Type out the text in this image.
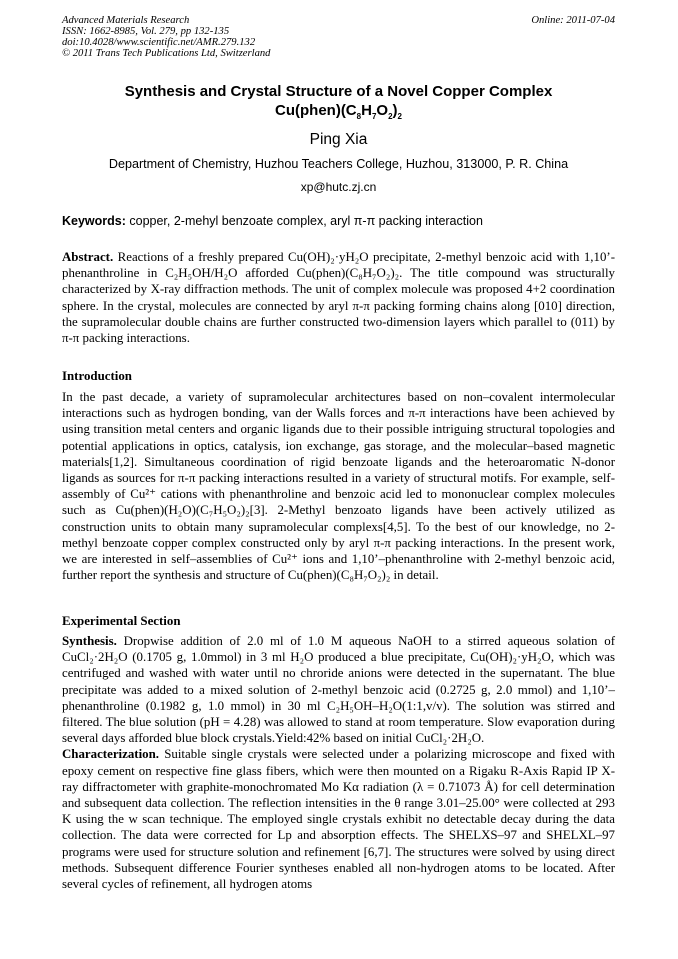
Advanced Materials Research
ISSN: 1662-8985, Vol. 279, pp 132-135
doi:10.4028/www.scientific.net/AMR.279.132
© 2011 Trans Tech Publications Ltd, Switzerland
Online: 2011-07-04
Synthesis and Crystal Structure of a Novel Copper Complex
$Cu(phen)(C_8H_7O_2)_2$
Ping Xia
Department of Chemistry, Huzhou Teachers College, Huzhou, 313000, P. R. China
xp@hutc.zj.cn
Keywords: copper, 2-mehyl benzoate complex, aryl π-π packing interaction

Abstract. Reactions of a freshly prepared Cu(OH)₂·yH₂O precipitate, 2-methyl benzoic acid with 1,10’-phenanthroline in C₂H₅OH/H₂O afforded Cu(phen)(C₈H₇O₂)₂. The title compound was structurally characterized by X-ray diffraction methods. The unit of complex molecule was proposed 4+2 coordination sphere. In the crystal, molecules are connected by aryl π-π packing forming chains along [010] direction, the supramolecular double chains are further constructed two-dimension layers which parallel to (011) by π-π packing interactions.

Introduction

In the past decade, a variety of supramolecular architectures based on non–covalent intermolecular interactions such as hydrogen bonding, van der Walls forces and π-π interactions have been achieved by using transition metal centers and organic ligands due to their possible intriguing structural topologies and potential applications in optics, catalysis, ion exchange, gas storage, and the molecular–based magnetic materials[1,2]. Simultaneous coordination of rigid benzoate ligands and the heteroaromatic N-donor ligands as sources for π-π packing interactions resulted in a variety of structural motifs. For example, self-assembly of Cu²⁺ cations with phenanthroline and benzoic acid led to mononuclear complex molecules such as Cu(phen)(H₂O)(C₇H₅O₂)₂[3]. 2-Methyl benzoato ligands have been actively utilized as construction units to obtain many supramolecular complexs[4,5]. To the best of our knowledge, no 2-methyl benzoate copper complex constructed only by aryl π-π packing interactions. In the present work, we are interested in self–assemblies of Cu²⁺ ions and 1,10’–phenanthroline with 2-methyl benzoic acid, further report the synthesis and structure of Cu(phen)(C₈H₇O₂)₂ in detail.

Experimental Section

Synthesis. Dropwise addition of 2.0 ml of 1.0 M aqueous NaOH to a stirred aqueous solation of CuCl₂·2H₂O (0.1705 g, 1.0mmol) in 3 ml H₂O produced a blue precipitate, Cu(OH)₂·yH₂O, which was centrifuged and washed with water until no chroride anions were detected in the supernatant. The blue precipitate was added to a mixed solution of 2-methyl benzoic acid (0.2725 g, 2.0 mmol) and 1,10’–phenanthroline (0.1982 g, 1.0 mmol) in 30 ml C₂H₅OH–H₂O(1:1,v/v). The solution was stirred and filtered. The blue solution (pH = 4.28) was allowed to stand at room temperature. Slow evaporation during several days afforded blue block crystals.Yield:42% based on initial CuCl₂·2H₂O.

Characterization. Suitable single crystals were selected under a polarizing microscope and fixed with epoxy cement on respective fine glass fibers, which were then mounted on a Rigaku R-Axis Rapid IP X-ray diffractometer with graphite-monochromated Mo Kα radiation (λ = 0.71073 Å) for cell determination and subsequent data collection. The reflection intensities in the θ range 3.01–25.00° were collected at 293 K using the w scan technique. The employed single crystals exhibit no detectable decay during the data collection. The data were corrected for Lp and absorption effects. The SHELXS–97 and SHELXL–97 programs were used for structure solution and refinement [6,7]. The structures were solved by using direct methods. Subsequent difference Fourier syntheses enabled all non-hydrogen atoms to be located. After several cycles of refinement, all hydrogen atoms
